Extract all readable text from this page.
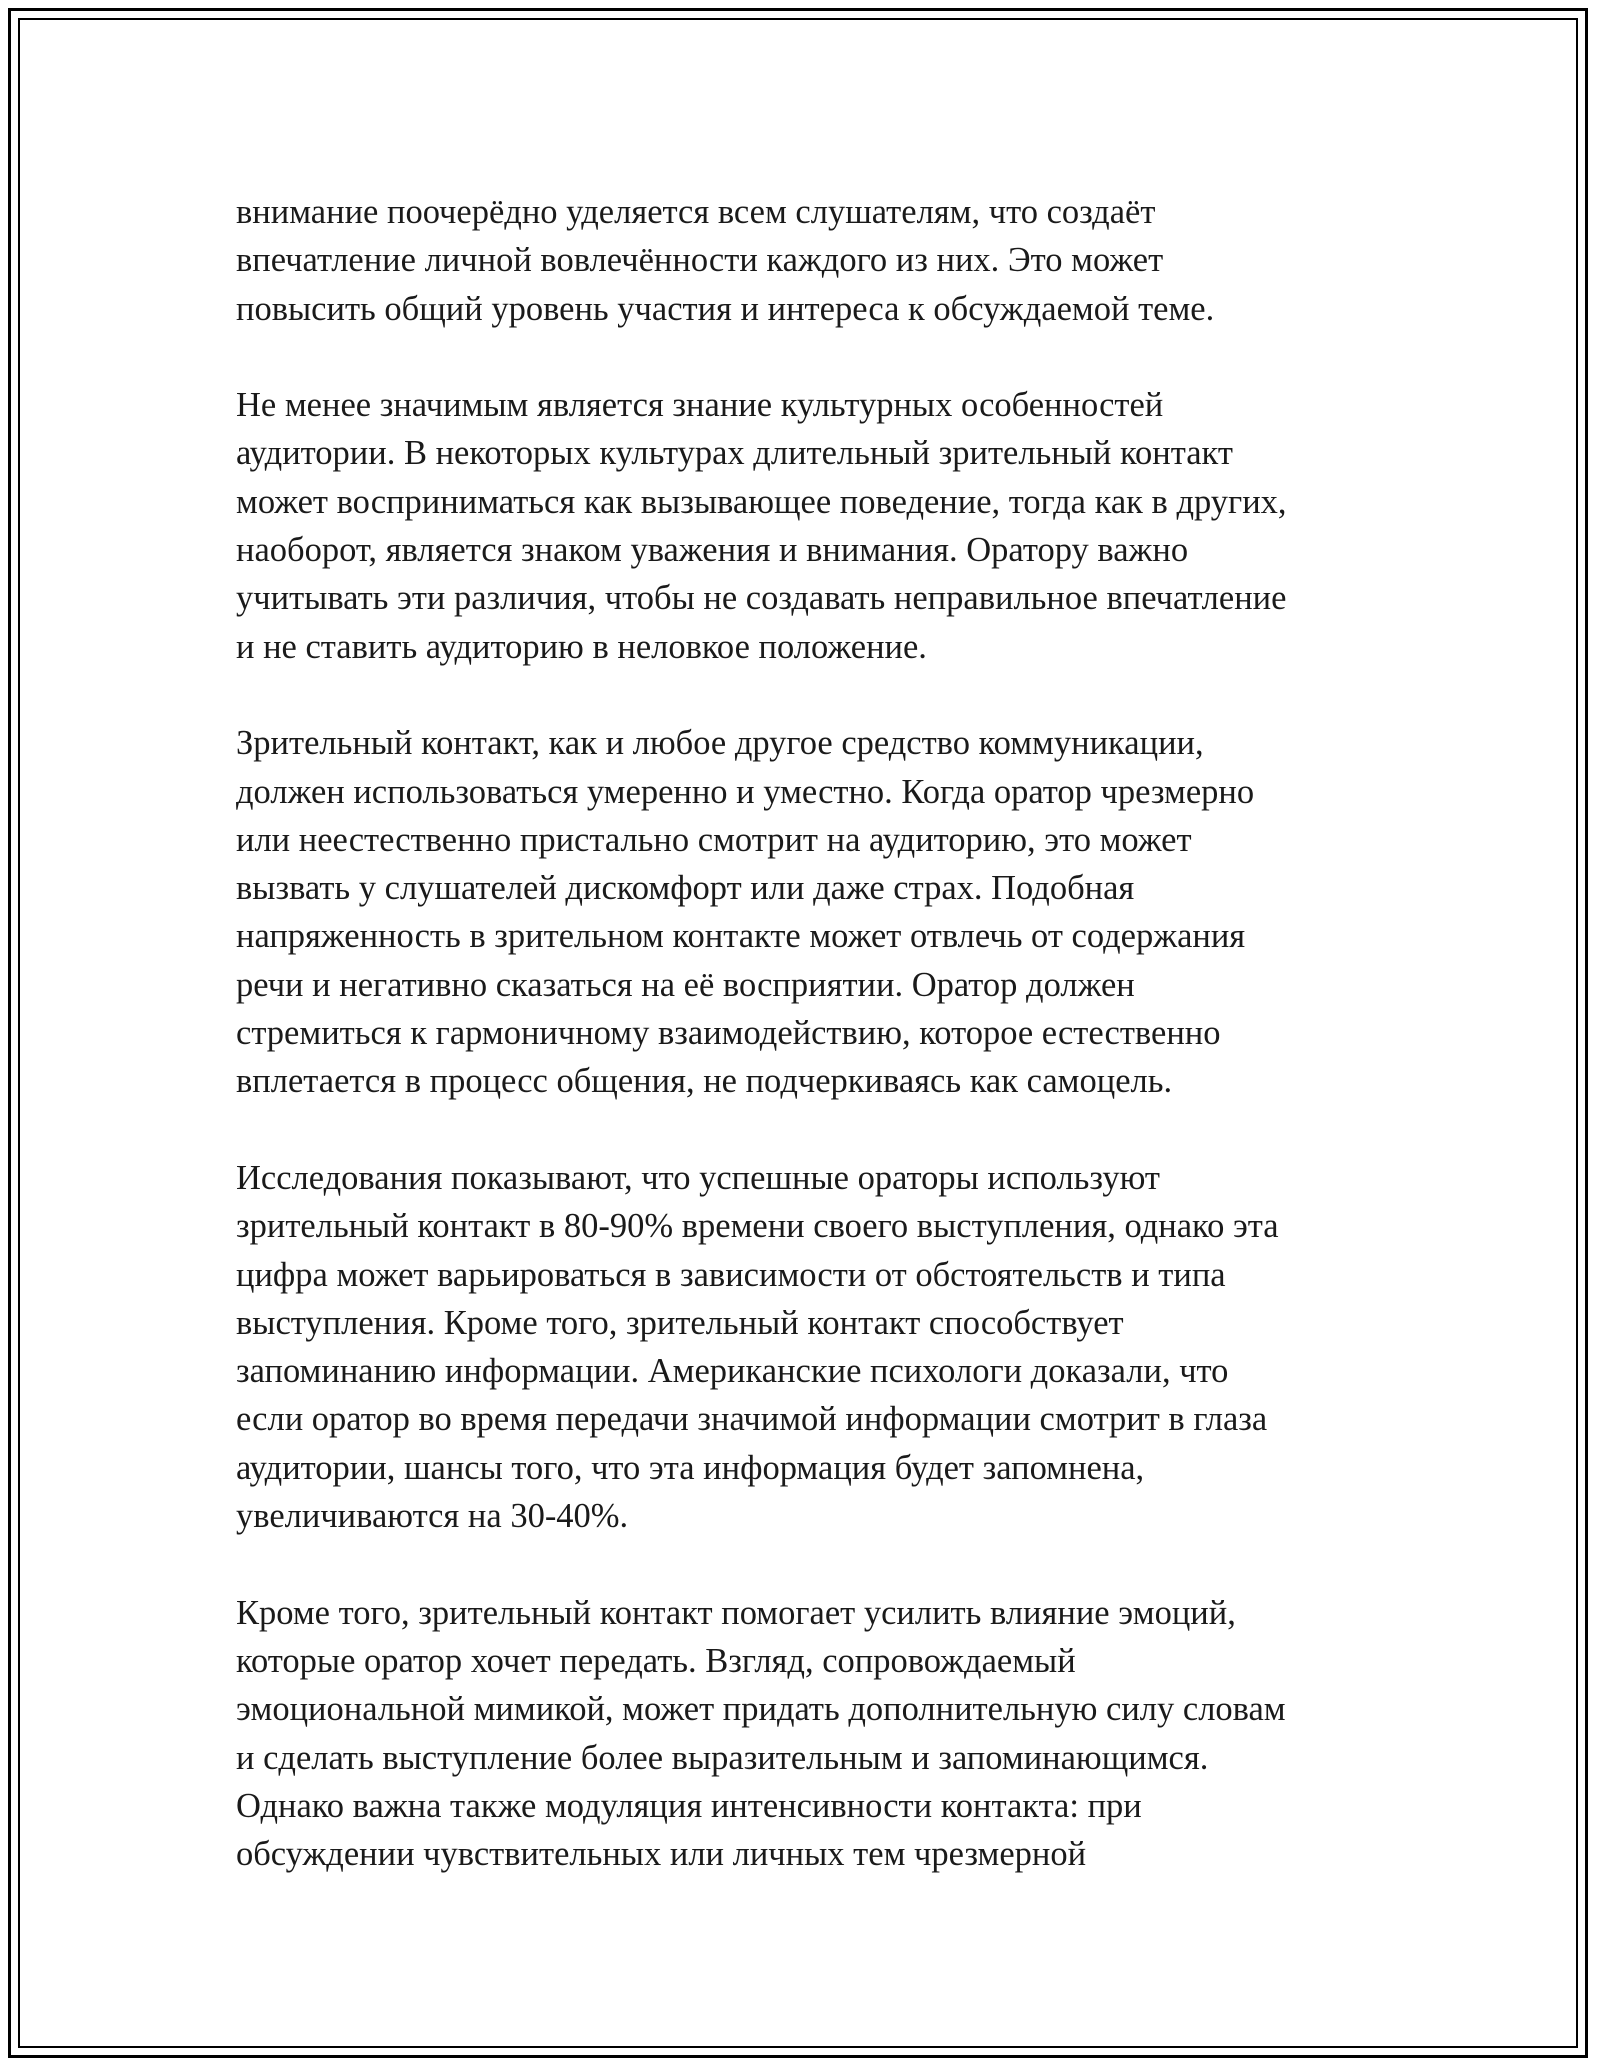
внимание поочерёдно уделяется всем слушателям, что создаёт
впечатление личной вовлечённости каждого из них. Это может
повысить общий уровень участия и интереса к обсуждаемой теме.

Не менее значимым является знание культурных особенностей
аудитории. В некоторых культурах длительный зрительный контакт
может восприниматься как вызывающее поведение, тогда как в других,
наоборот, является знаком уважения и внимания. Оратору важно
учитывать эти различия, чтобы не создавать неправильное впечатление
и не ставить аудиторию в неловкое положение.

Зрительный контакт, как и любое другое средство коммуникации,
должен использоваться умеренно и уместно. Когда оратор чрезмерно
или неестественно пристально смотрит на аудиторию, это может
вызвать у слушателей дискомфорт или даже страх. Подобная
напряженность в зрительном контакте может отвлечь от содержания
речи и негативно сказаться на её восприятии. Оратор должен
стремиться к гармоничному взаимодействию, которое естественно
вплетается в процесс общения, не подчеркиваясь как самоцель.

Исследования показывают, что успешные ораторы используют
зрительный контакт в 80-90% времени своего выступления, однако эта
цифра может варьироваться в зависимости от обстоятельств и типа
выступления. Кроме того, зрительный контакт способствует
запоминанию информации. Американские психологи доказали, что
если оратор во время передачи значимой информации смотрит в глаза
аудитории, шансы того, что эта информация будет запомнена,
увеличиваются на 30-40%.

Кроме того, зрительный контакт помогает усилить влияние эмоций,
которые оратор хочет передать. Взгляд, сопровождаемый
эмоциональной мимикой, может придать дополнительную силу словам
и сделать выступление более выразительным и запоминающимся.
Однако важна также модуляция интенсивности контакта: при
обсуждении чувствительных или личных тем чрезмерной
